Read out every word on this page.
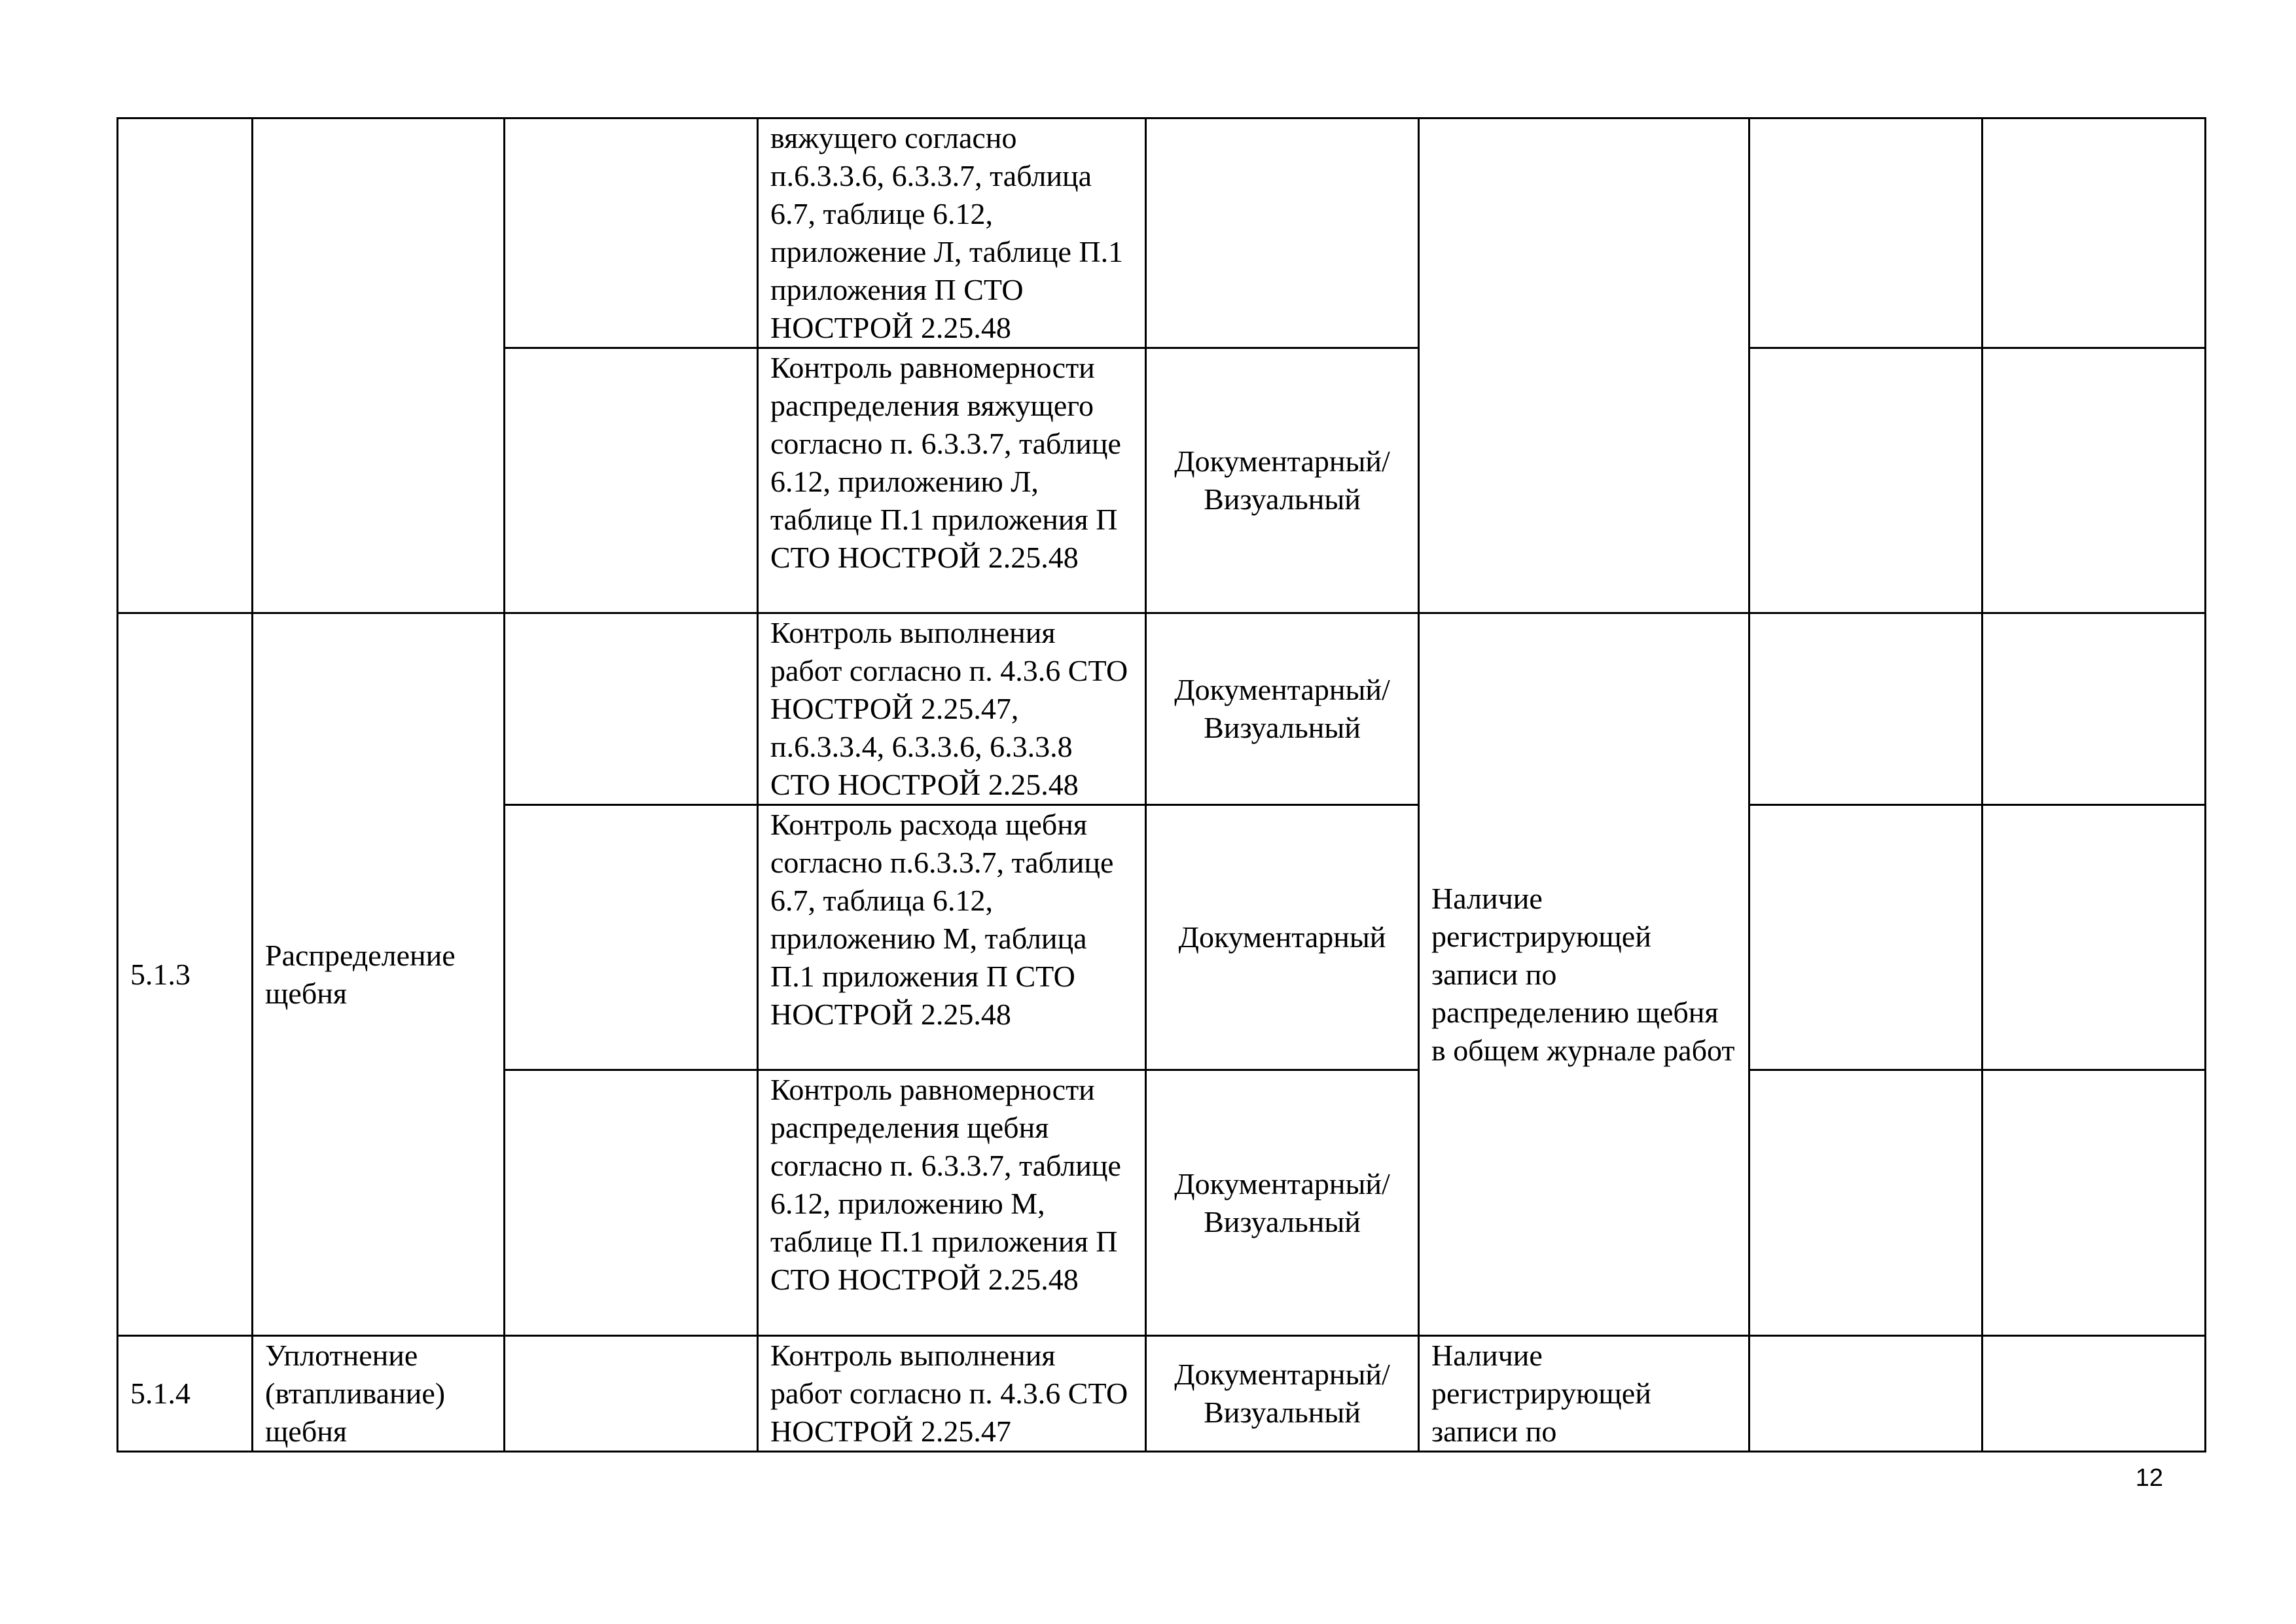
			вяжущего согласно п.6.3.3.6, 6.3.3.7, таблица 6.7, таблице 6.12, приложение Л, таблице П.1 приложения П СТО НОСТРОЙ 2.25.48				
			Контроль равномерности распределения вяжущего согласно п. 6.3.3.7, таблице 6.12, приложению Л, таблице П.1 приложения П СТО НОСТРОЙ 2.25.48	Документарный/ Визуальный			
5.1.3	Распределение щебня		Контроль выполнения работ согласно п. 4.3.6 СТО НОСТРОЙ 2.25.47, п.6.3.3.4, 6.3.3.6, 6.3.3.8 СТО НОСТРОЙ 2.25.48	Документарный/ Визуальный	Наличие регистрирующей записи по распределению щебня в общем журнале работ		
			Контроль расхода щебня согласно п.6.3.3.7, таблице 6.7, таблица 6.12, приложению М, таблица П.1 приложения П СТО НОСТРОЙ 2.25.48	Документарный			
			Контроль равномерности распределения щебня согласно п. 6.3.3.7, таблице 6.12, приложению М, таблице П.1 приложения П СТО НОСТРОЙ 2.25.48	Документарный/ Визуальный			
5.1.4	Уплотнение (втапливание) щебня		Контроль выполнения работ согласно п. 4.3.6 СТО НОСТРОЙ 2.25.47	Документарный/ Визуальный	Наличие регистрирующей записи по		
12
